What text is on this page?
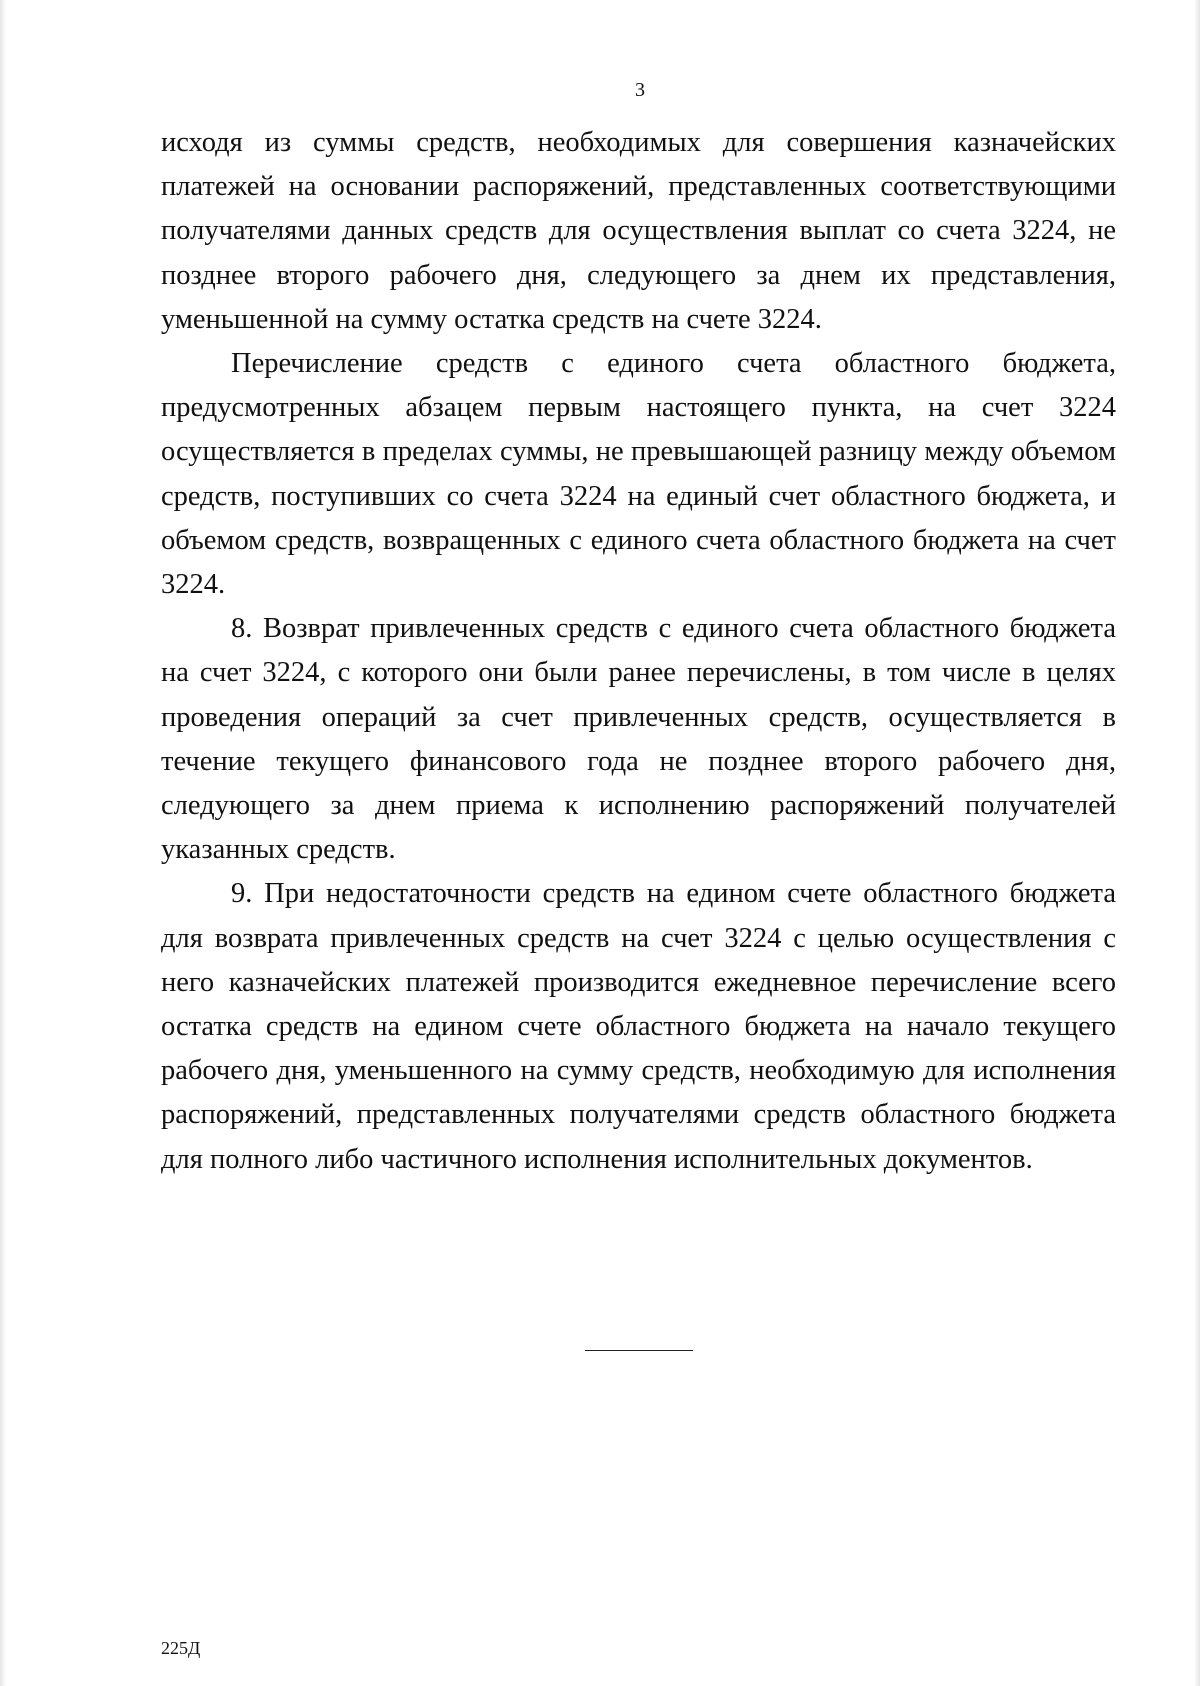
3

исходя из суммы средств, необходимых для совершения казначейских платежей на основании распоряжений, представленных соответствующими получателями данных средств для осуществления выплат со счета 3224, не позднее второго рабочего дня, следующего за днем их представления, уменьшенной на сумму остатка средств на счете 3224.

Перечисление средств с единого счета областного бюджета, предусмотренных абзацем первым настоящего пункта, на счет 3224 осуществляется в пределах суммы, не превышающей разницу между объемом средств, поступивших со счета 3224 на единый счет областного бюджета, и объемом средств, возвращенных с единого счета областного бюджета на счет 3224.

8. Возврат привлеченных средств с единого счета областного бюджета на счет 3224, с которого они были ранее перечислены, в том числе в целях проведения операций за счет привлеченных средств, осуществляется в течение текущего финансового года не позднее второго рабочего дня, следующего за днем приема к исполнению распоряжений получателей указанных средств.

9. При недостаточности средств на едином счете областного бюджета для возврата привлеченных средств на счет 3224 с целью осуществления с него казначейских платежей производится ежедневное перечисление всего остатка средств на едином счете областного бюджета на начало текущего рабочего дня, уменьшенного на сумму средств, необходимую для исполнения распоряжений, представленных получателями средств областного бюджета для полного либо частичного исполнения исполнительных документов.

225Д
